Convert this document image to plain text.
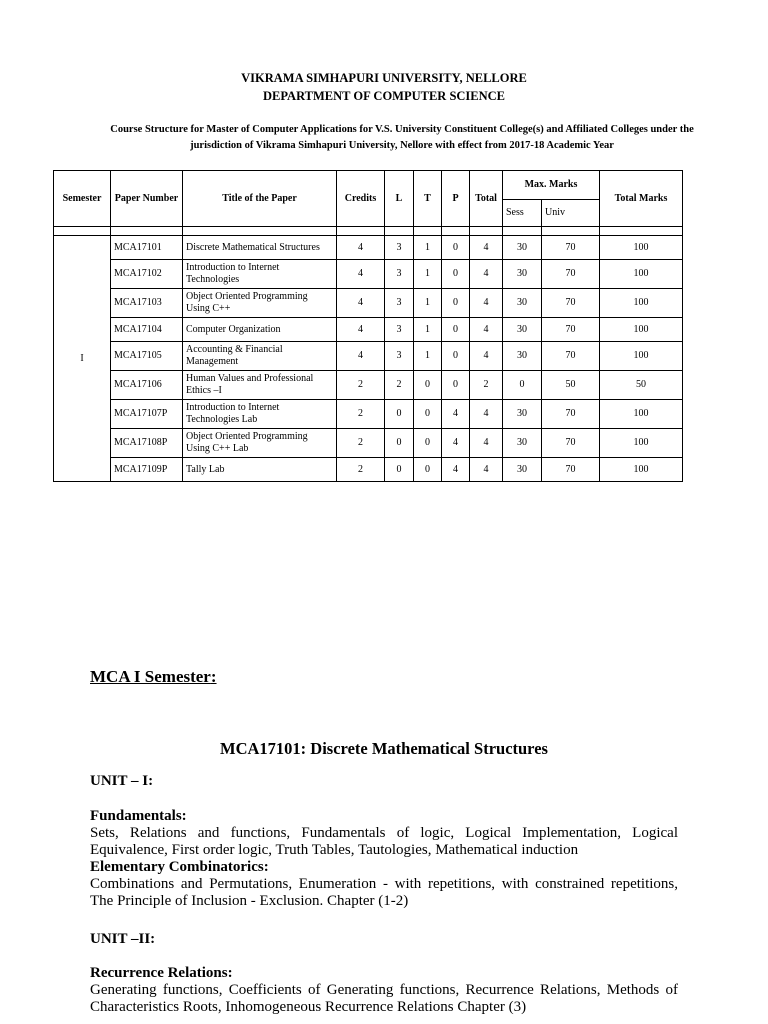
VIKRAMA SIMHAPURI UNIVERSITY, NELLORE
DEPARTMENT OF COMPUTER SCIENCE
Course Structure for Master of Computer Applications for V.S. University Constituent College(s) and Affiliated Colleges under the
jurisdiction of Vikrama Simhapuri University, Nellore with effect from 2017-18 Academic Year
Semester	Paper Number	Title of the Paper	Credits	L	T	P	Total	Max. Marks		Total Marks
								Sess	Univ	

I	MCA17101	Discrete Mathematical Structures	4	3	1	0	4	30	70	100
	MCA17102	Introduction to Internet Technologies	4	3	1	0	4	30	70	100
	MCA17103	Object Oriented Programming Using C++	4	3	1	0	4	30	70	100
	MCA17104	Computer Organization	4	3	1	0	4	30	70	100
	MCA17105	Accounting & Financial Management	4	3	1	0	4	30	70	100
	MCA17106	Human Values and Professional Ethics –I	2	2	0	0	2	0	50	50
	MCA17107P	Introduction to Internet Technologies Lab	2	0	0	4	4	30	70	100
	MCA17108P	Object Oriented Programming Using C++ Lab	2	0	0	4	4	30	70	100
	MCA17109P	Tally Lab	2	0	0	4	4	30	70	100
MCA I Semester:
MCA17101: Discrete Mathematical Structures
UNIT – I:
Fundamentals:
Sets, Relations and functions, Fundamentals of logic, Logical Implementation, Logical Equivalence, First order logic, Truth Tables, Tautologies, Mathematical induction
Elementary Combinatorics:
Combinations and Permutations, Enumeration - with repetitions, with constrained repetitions, The Principle of Inclusion - Exclusion. Chapter (1-2)
UNIT –II:
Recurrence Relations:
Generating functions, Coefficients of Generating functions, Recurrence Relations, Methods of Characteristics Roots, Inhomogeneous Recurrence Relations Chapter (3)
